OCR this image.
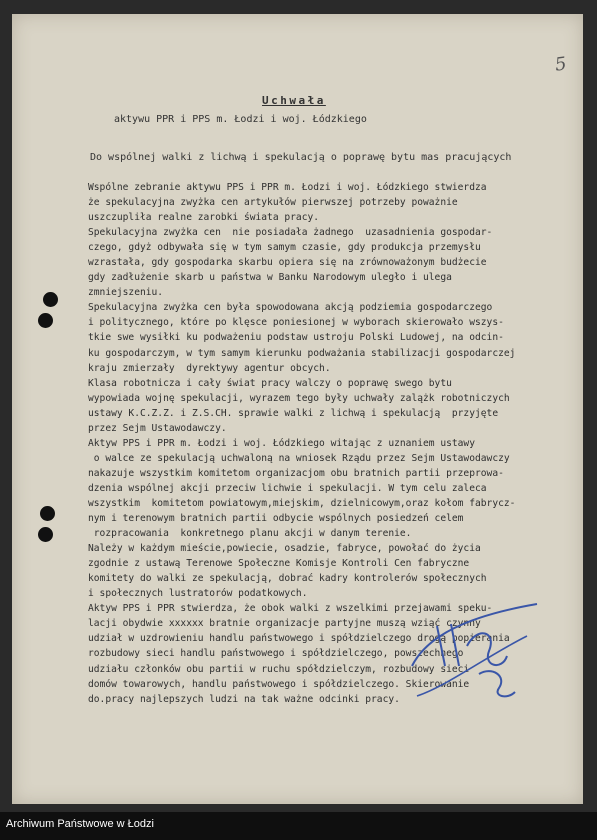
5
Uchwała
aktywu PPR i PPS m. Łodzi i woj. Łódzkiego
Do wspólnej walki z lichwą i spekulacją o poprawę bytu mas pracujących
Wspólne zebranie aktywu PPS i PPR m. Łodzi i woj. Łódzkiego stwierdza
że spekulacyjna zwyżka cen artykułów pierwszej potrzeby poważnie
uszczupliła realne zarobki świata pracy.
Spekulacyjna zwyżka cen  nie posiadała żadnego  uzasadnienia gospodar-
czego, gdyż odbywała się w tym samym czasie, gdy produkcja przemysłu
wzrastała, gdy gospodarka skarbu opiera się na zrównoważonym budżecie
gdy zadłużenie skarb u państwa w Banku Narodowym uległo i ulega
zmniejszeniu.
Spekulacyjna zwyżka cen była spowodowana akcją podziemia gospodarczego
i politycznego, które po klęsce poniesionej w wyborach skierowało wszys-
tkie swe wysiłki ku podważeniu podstaw ustroju Polski Ludowej, na odcin-
ku gospodarczym, w tym samym kierunku podważania stabilizacji gospodarczej
kraju zmierzały  dyrektywy agentur obcych.
Klasa robotnicza i cały świat pracy walczy o poprawę swego bytu
wypowiada wojnę spekulacji, wyrazem tego były uchwały zalążk robotniczych
ustawy K.C.Z.Z. i Z.S.CH. sprawie walki z lichwą i spekulacją  przyjęte
przez Sejm Ustawodawczy.
Aktyw PPS i PPR m. Łodzi i woj. Łódzkiego witając z uznaniem ustawy
o walce ze spekulacją uchwaloną na wniosek Rządu przez Sejm Ustawodawczy
nakazuje wszystkim komitetom organizacjom obu bratnich partii przeprowa-
dzenia wspólnej akcji przeciw lichwie i spekulacji. W tym celu zaleca
wszystkim  komitetom powiatowym,miejskim, dzielnicowym,oraz kołom fabrycz-
nym i terenowym bratnich partii odbycie wspólnych posiedzeń celem
rozpracowania  konkretnego planu akcji w danym terenie.
Należy w każdym mieście,powiecie, osadzie, fabryce, powołać do życia
zgodnie z ustawą Terenowe Społeczne Komisje Kontroli Cen fabryczne
komitety do walki ze spekulacją, dobrać kadry kontrolerów społecznych
i społecznych lustratorów podatkowych.
Aktyw PPS i PPR stwierdza, że obok walki z wszelkimi przejawami speku-
lacji obydwie xxxxxx bratnie organizacje partyjne muszą wziąć czynny
udział w uzdrowieniu handlu państwowego i spółdzielczego drogą popierania
rozbudowy sieci handlu państwowego i spółdzielczego, powszechnego
udziału członków obu partii w ruchu spółdzielczym, rozbudowy sieci
domów towarowych, handlu państwowego i spółdzielczego. Skierowanie
do.pracy najlepszych ludzi na tak ważne odcinki pracy.
Archiwum Państwowe w Łodzi
